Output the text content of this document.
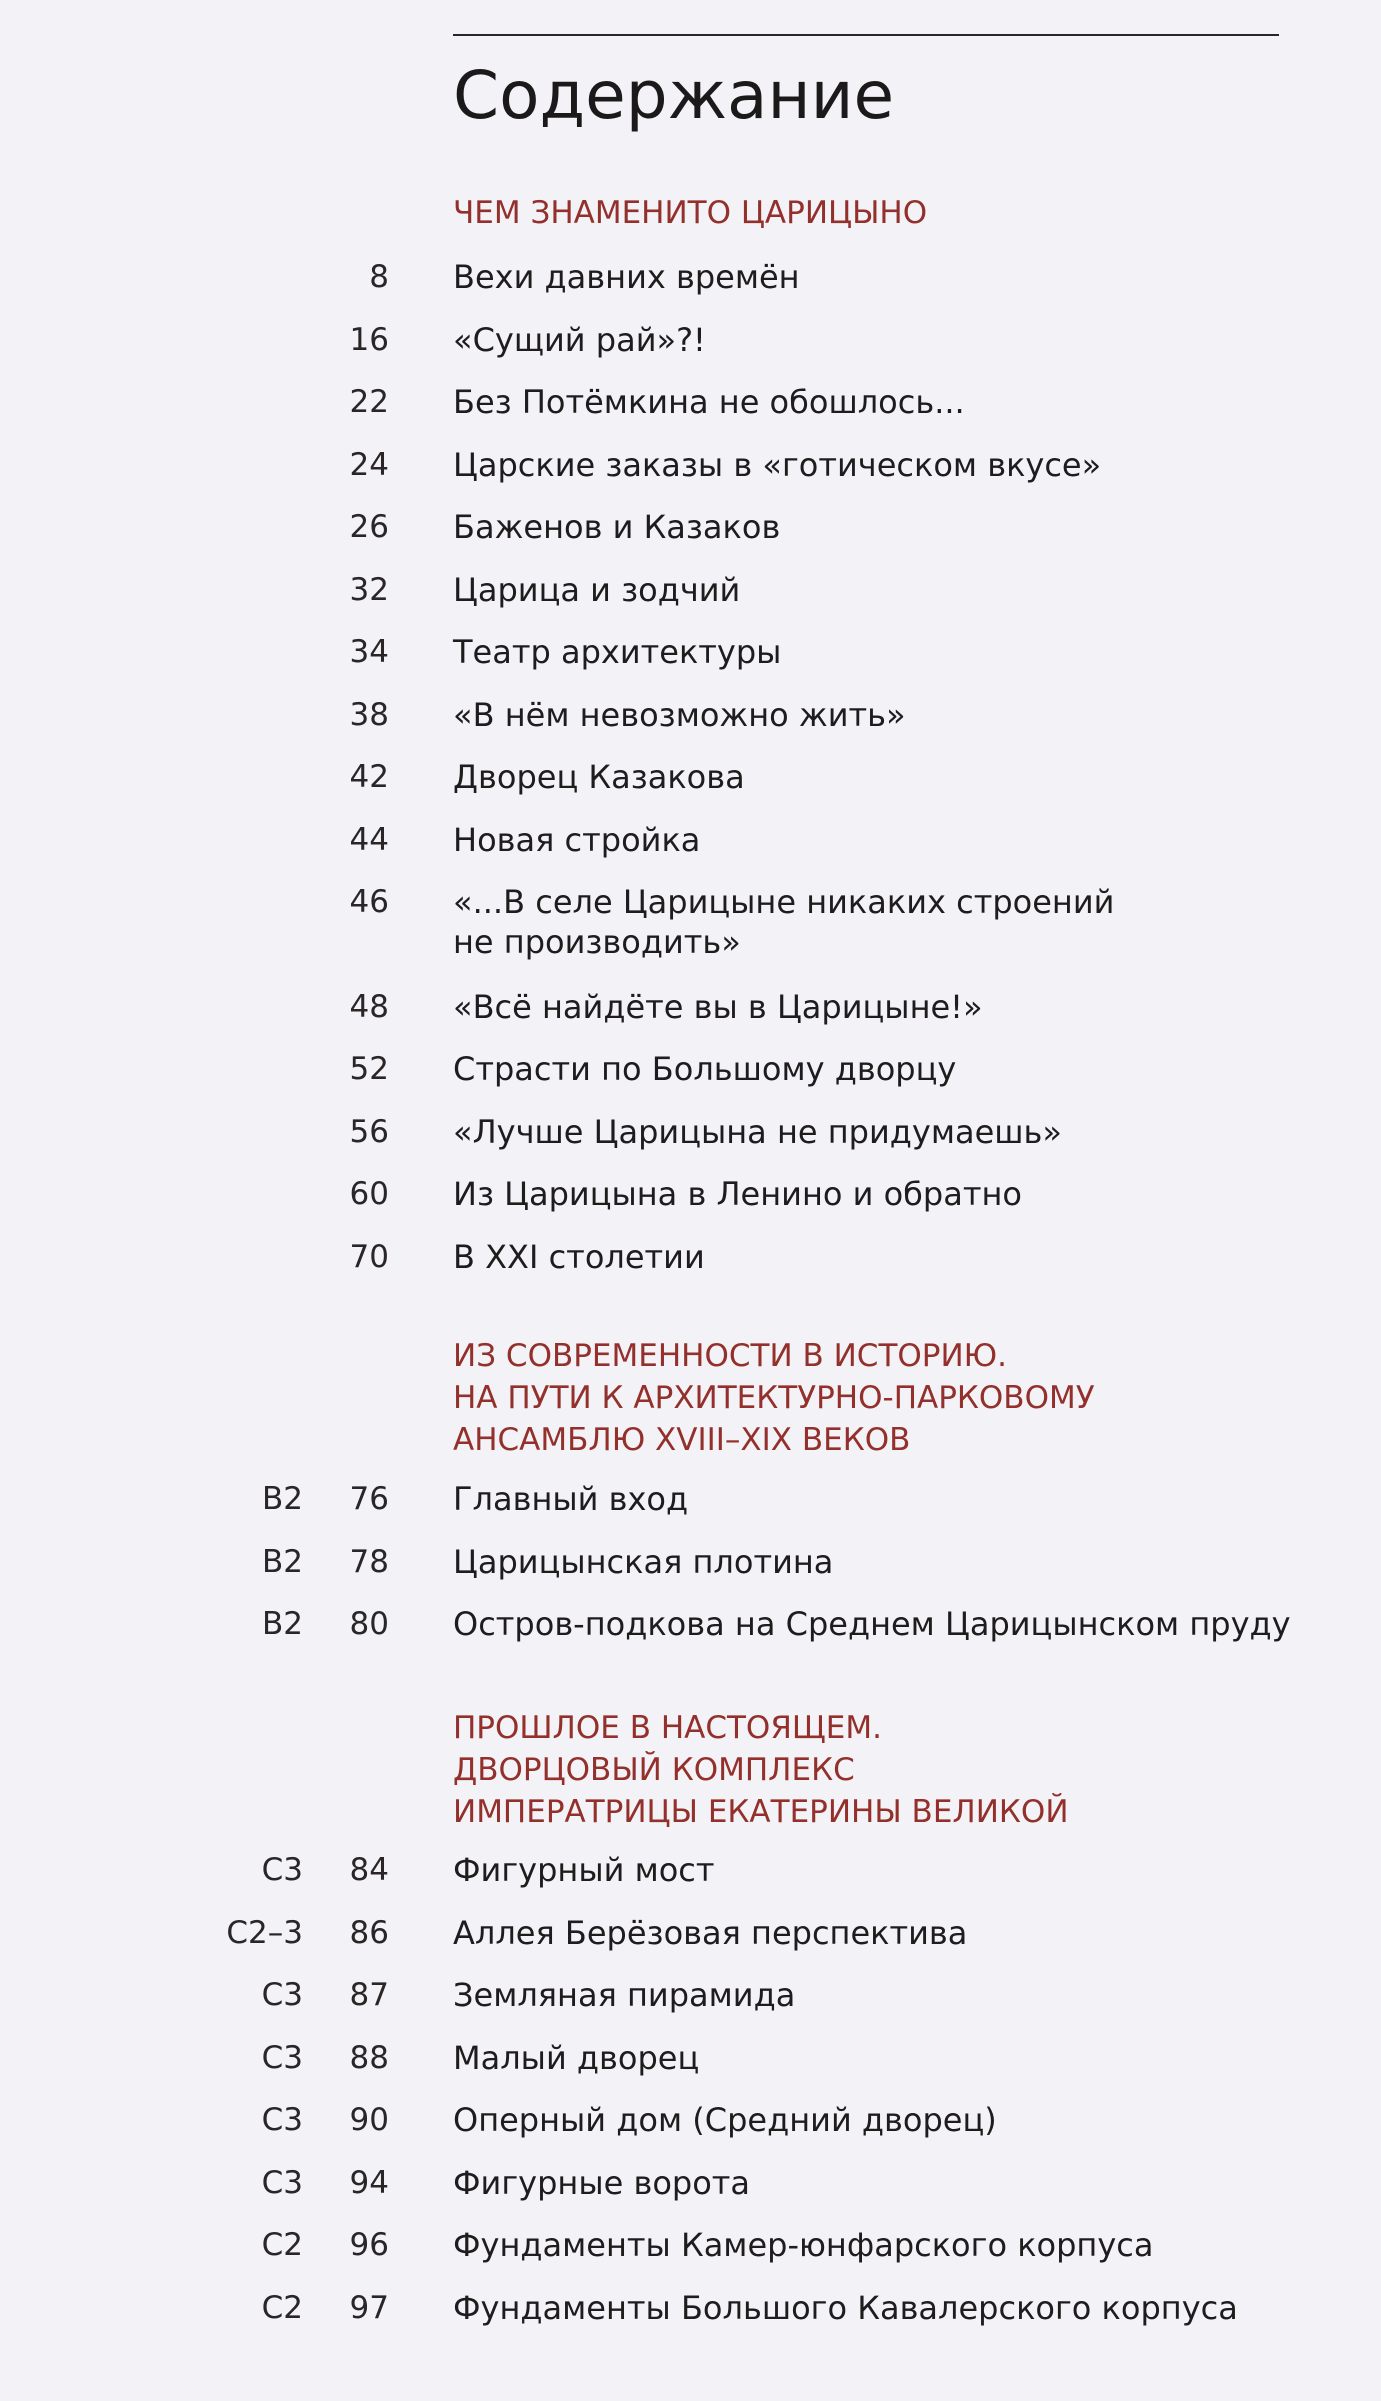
Содержание
ЧЕМ ЗНАМЕНИТО ЦАРИЦЫНО
8 Вехи давних времён
16 «Сущий рай»?!
22 Без Потёмкина не обошлось...
24 Царские заказы в «готическом вкусе»
26 Баженов и Казаков
32 Царица и зодчий
34 Театр архитектуры
38 «В нём невозможно жить»
42 Дворец Казакова
44 Новая стройка
46 «...В селе Царицыне никаких строений
не производить»
48 «Всё найдёте вы в Царицыне!»
52 Страсти по Большому дворцу
56 «Лучше Царицына не придумаешь»
60 Из Царицына в Ленино и обратно
70 В XXI столетии
ИЗ СОВРЕМЕННОСТИ В ИСТОРИЮ.
НА ПУТИ К АРХИТЕКТУРНО-ПАРКОВОМУ
АНСАМБЛЮ XVIII–XIX ВЕКОВ
B2 76 Главный вход
B2 78 Царицынская плотина
B2 80 Остров-подкова на Среднем Царицынском пруду
ПРОШЛОЕ В НАСТОЯЩЕМ.
ДВОРЦОВЫЙ КОМПЛЕКС
ИМПЕРАТРИЦЫ ЕКАТЕРИНЫ ВЕЛИКОЙ
C3 84 Фигурный мост
C2–3 86 Аллея Берёзовая перспектива
C3 87 Земляная пирамида
C3 88 Малый дворец
C3 90 Оперный дом (Средний дворец)
C3 94 Фигурные ворота
C2 96 Фундаменты Камер-юнфарского корпуса
C2 97 Фундаменты Большого Кавалерского корпуса
